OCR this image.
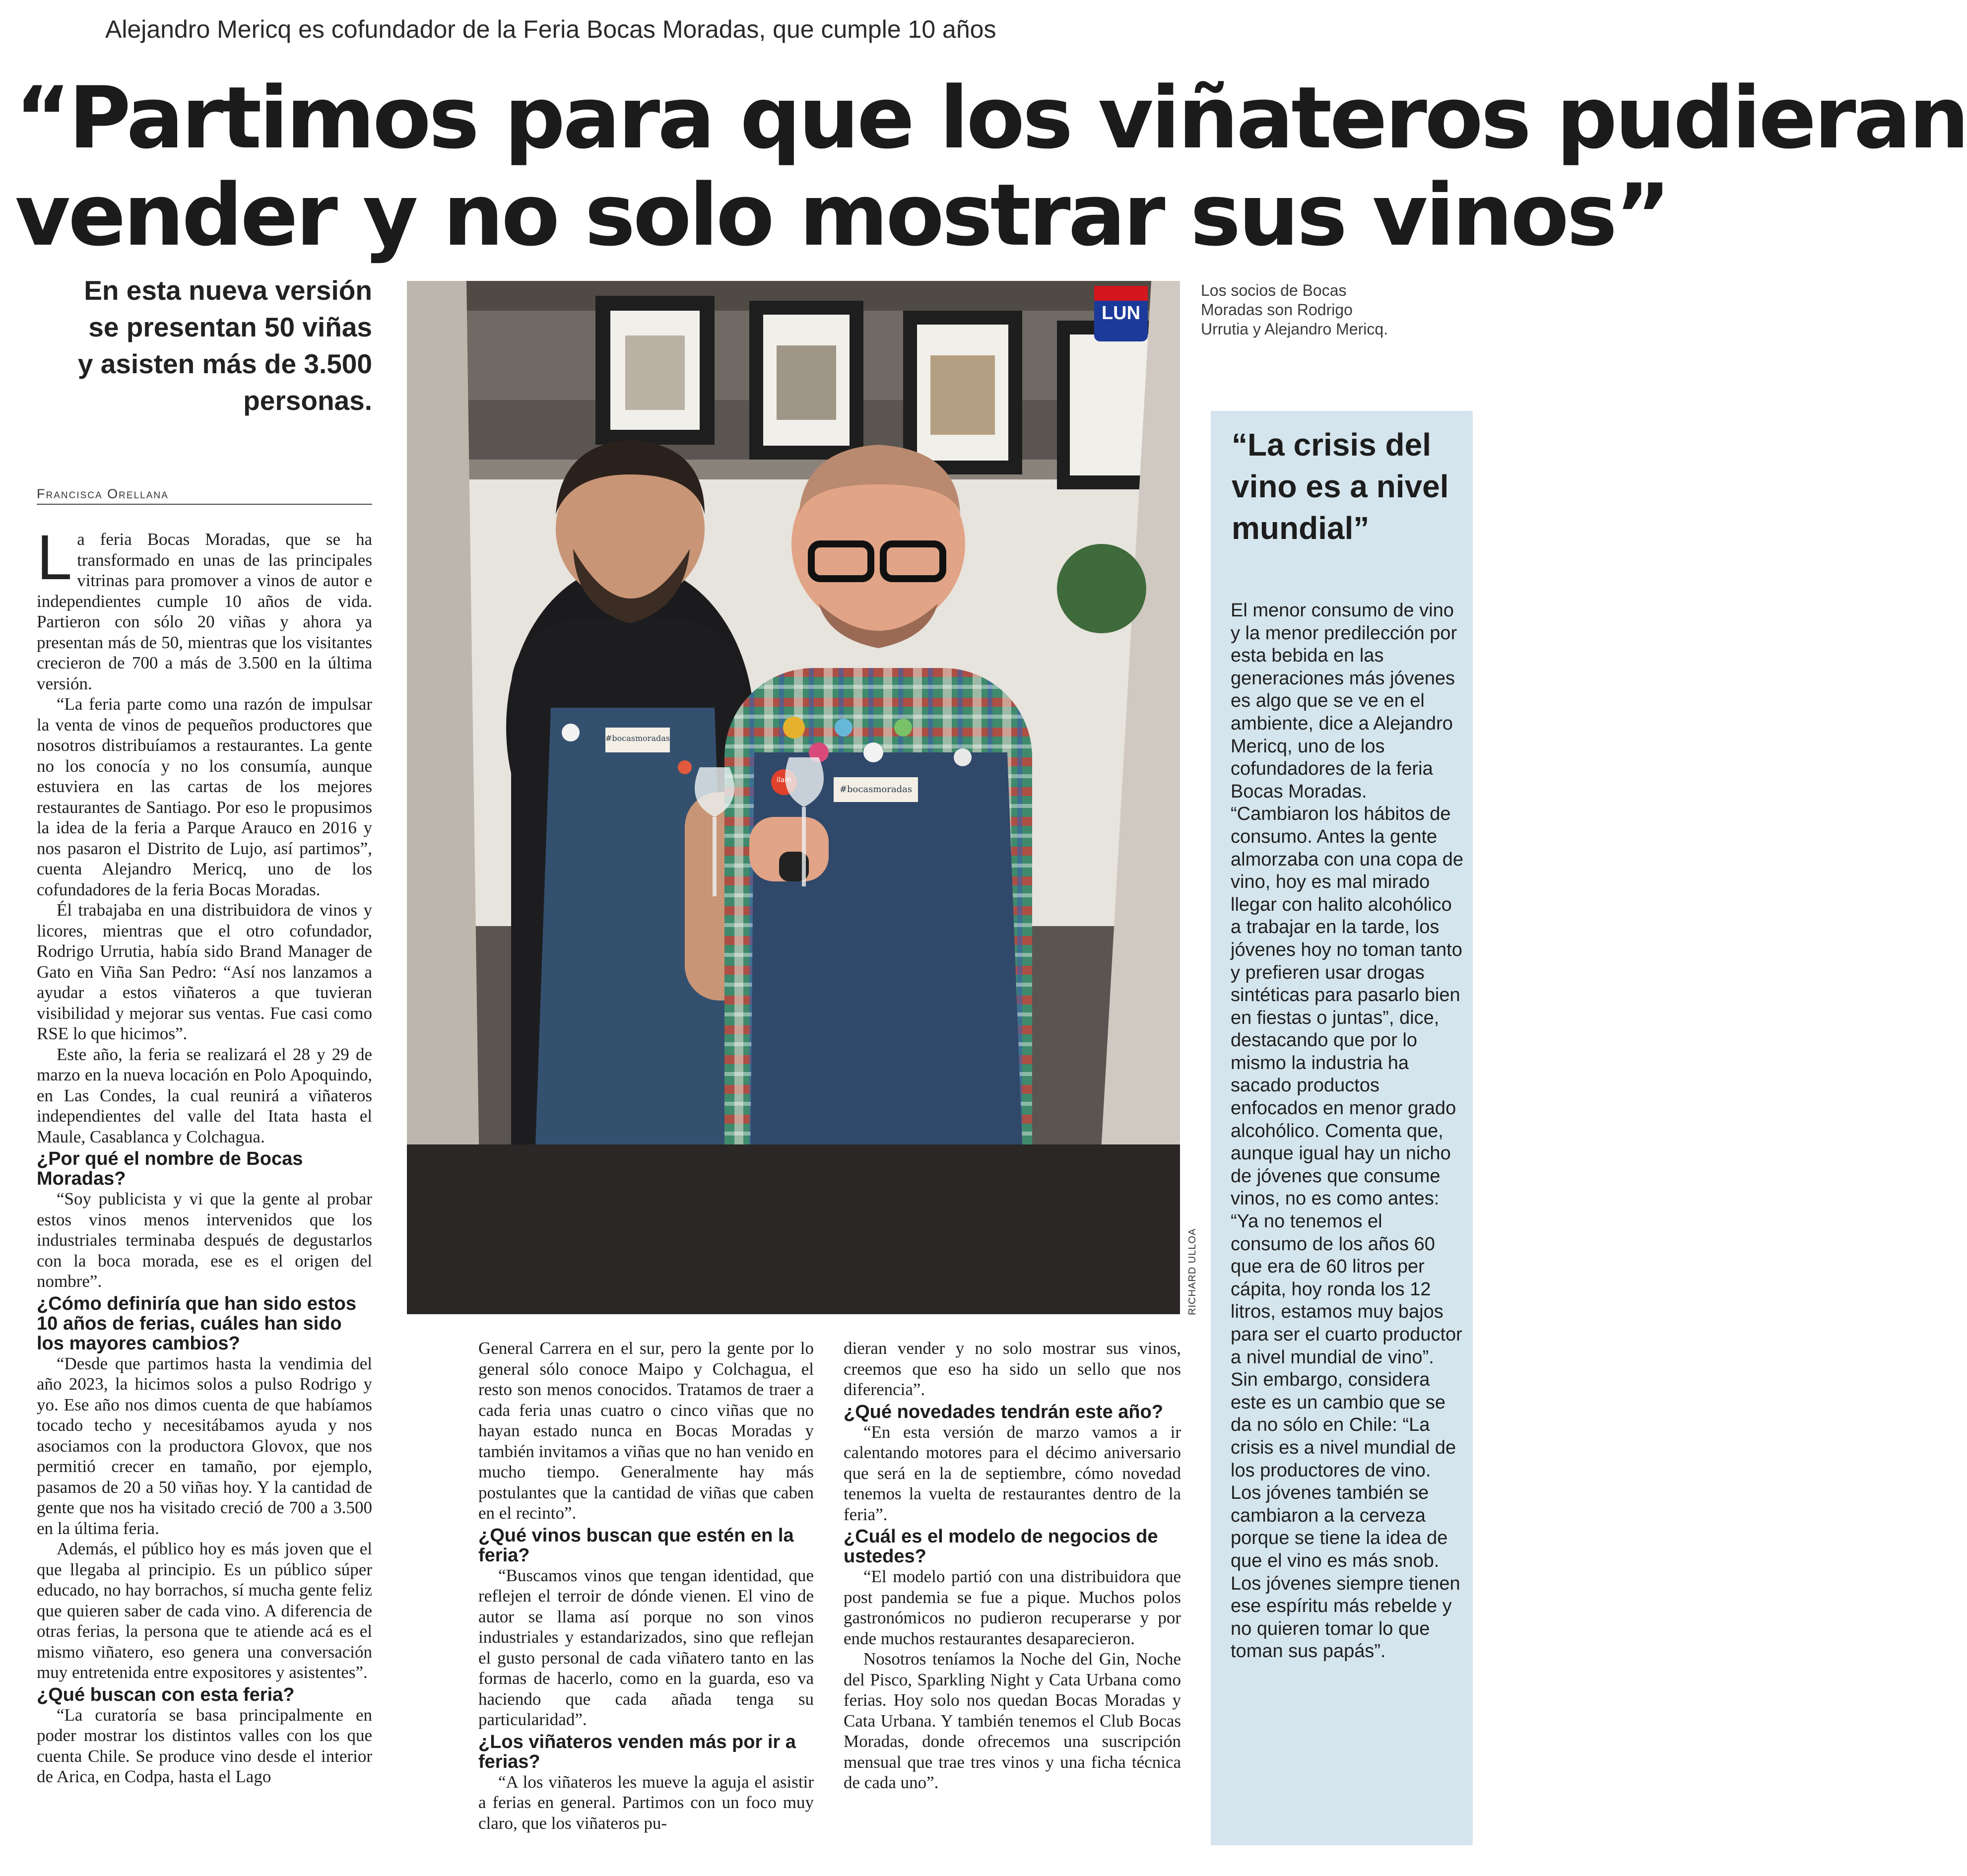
Alejandro Mericq es cofundador de la Feria Bocas Moradas, que cumple 10 años
“Partimos para que los viñateros pudieran
vender y no solo mostrar sus vinos”
En esta nueva versión
se presentan 50 viñas
y asisten más de 3.500
personas.
Francisca Orellana

La feria Bocas Moradas, que se ha transformado en unas de las principales vitrinas para promover a vinos de autor e independientes cumple 10 años de vida. Partieron con sólo 20 viñas y ahora ya presentan más de 50, mientras que los visitantes crecieron de 700 a más de 3.500 en la última versión.

“La feria parte como una razón de impulsar la venta de vinos de pequeños productores que nosotros distribuíamos a restaurantes. La gente no los conocía y no los consumía, aunque estuviera en las cartas de los mejores restaurantes de Santiago. Por eso le propusimos la idea de la feria a Parque Arauco en 2016 y nos pasaron el Distrito de Lujo, así partimos”, cuenta Alejandro Mericq, uno de los cofundadores de la feria Bocas Moradas.

Él trabajaba en una distribuidora de vinos y licores, mientras que el otro cofundador, Rodrigo Urrutia, había sido Brand Manager de Gato en Viña San Pedro: “Así nos lanzamos a ayudar a estos viñateros a que tuvieran visibilidad y mejorar sus ventas. Fue casi como RSE lo que hicimos”.

Este año, la feria se realizará el 28 y 29 de marzo en la nueva locación en Polo Apoquindo, en Las Condes, la cual reunirá a viñateros independientes del valle del Itata hasta el Maule, Casablanca y Colchagua.

¿Por qué el nombre de Bocas Moradas?

“Soy publicista y vi que la gente al probar estos vinos menos intervenidos que los industriales terminaba después de degustarlos con la boca morada, ese es el origen del nombre”.

¿Cómo definiría que han sido estos 10 años de ferias, cuáles han sido los mayores cambios?

“Desde que partimos hasta la vendimia del año 2023, la hicimos solos a pulso Rodrigo y yo. Ese año nos dimos cuenta de que habíamos tocado techo y necesitábamos ayuda y nos asociamos con la productora Glovox, que nos permitió crecer en tamaño, por ejemplo, pasamos de 20 a 50 viñas hoy. Y la cantidad de gente que nos ha visitado creció de 700 a 3.500 en la última feria.

Además, el público hoy es más joven que el que llegaba al principio. Es un público súper educado, no hay borrachos, sí mucha gente feliz que quieren saber de cada vino. A diferencia de otras ferias, la persona que te atiende acá es el mismo viñatero, eso genera una conversación muy entretenida entre expositores y asistentes”.

¿Qué buscan con esta feria?

“La curatoría se basa principalmente en poder mostrar los distintos valles con los que cuenta Chile. Se produce vino desde el interior de Arica, en Codpa, hasta el Lago

LUN
#bocasmoradas
#bocasmoradas
ilam
Los socios de Bocas Moradas son Rodrigo Urrutia y Alejandro Mericq.
RICHARD ULLOA

General Carrera en el sur, pero la gente por lo general sólo conoce Maipo y Colchagua, el resto son menos conocidos. Tratamos de traer a cada feria unas cuatro o cinco viñas que no hayan estado nunca en Bocas Moradas y también invitamos a viñas que no han venido en mucho tiempo. Generalmente hay más postulantes que la cantidad de viñas que caben en el recinto”.

¿Qué vinos buscan que estén en la feria?

“Buscamos vinos que tengan identidad, que reflejen el terroir de dónde vienen. El vino de autor se llama así porque no son vinos industriales y estandarizados, sino que reflejan el gusto personal de cada viñatero tanto en las formas de hacerlo, como en la guarda, eso va haciendo que cada añada tenga su particularidad”.

¿Los viñateros venden más por ir a ferias?

“A los viñateros les mueve la aguja el asistir a ferias en general. Partimos con un foco muy claro, que los viñateros pu-

dieran vender y no solo mostrar sus vinos, creemos que eso ha sido un sello que nos diferencia”.

¿Qué novedades tendrán este año?

“En esta versión de marzo vamos a ir calentando motores para el décimo aniversario que será en la de septiembre, cómo novedad tenemos la vuelta de restaurantes dentro de la feria”.

¿Cuál es el modelo de negocios de ustedes?

“El modelo partió con una distribuidora que post pandemia se fue a pique. Muchos polos gastronómicos no pudieron recuperarse y por ende muchos restaurantes desaparecieron.

Nosotros teníamos la Noche del Gin, Noche del Pisco, Sparkling Night y Cata Urbana como ferias. Hoy solo nos quedan Bocas Moradas y Cata Urbana. Y también tenemos el Club Bocas Moradas, donde ofrecemos una suscripción mensual que trae tres vinos y una ficha técnica de cada uno”.

“La crisis del vino es a nivel mundial”
El menor consumo de vino y la menor predilección por esta bebida en las generaciones más jóvenes es algo que se ve en el ambiente, dice a Alejandro Mericq, uno de los cofundadores de la feria Bocas Moradas. “Cambiaron los hábitos de consumo. Antes la gente almorzaba con una copa de vino, hoy es mal mirado llegar con halito alcohólico a trabajar en la tarde, los jóvenes hoy no toman tanto y prefieren usar drogas sintéticas para pasarlo bien en fiestas o juntas”, dice, destacando que por lo mismo la industria ha sacado productos enfocados en menor grado alcohólico. Comenta que, aunque igual hay un nicho de jóvenes que consume vinos, no es como antes: “Ya no tenemos el consumo de los años 60 que era de 60 litros per cápita, hoy ronda los 12 litros, estamos muy bajos para ser el cuarto productor a nivel mundial de vino”. Sin embargo, considera este es un cambio que se da no sólo en Chile: “La crisis es a nivel mundial de los productores de vino. Los jóvenes también se cambiaron a la cerveza porque se tiene la idea de que el vino es más snob. Los jóvenes siempre tienen ese espíritu más rebelde y no quieren tomar lo que toman sus papás”.
